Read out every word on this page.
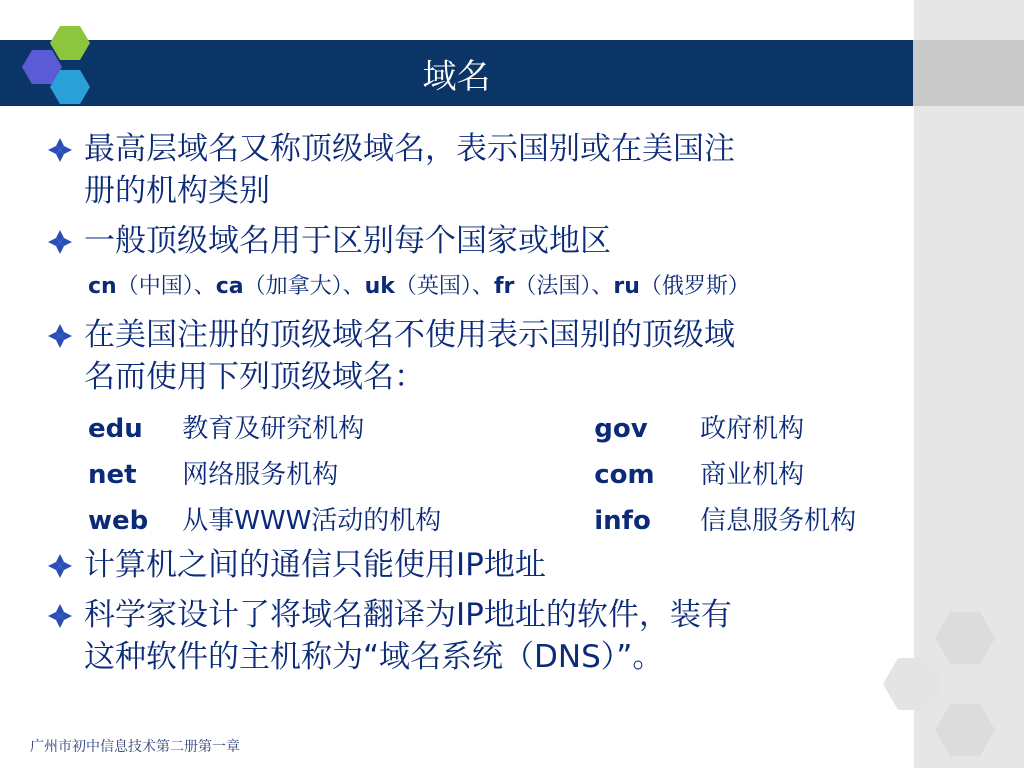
域名
最高层域名又称顶级域名，表示国别或在美国注
册的机构类别
一般顶级域名用于区别每个国家或地区
cn（中国）、ca（加拿大）、uk（英国）、fr（法国）、ru（俄罗斯）
在美国注册的顶级域名不使用表示国别的顶级域
名而使用下列顶级域名：
edu	教育及研究机构	gov	政府机构
net	网络服务机构	com	商业机构
web	从事WWW活动的机构	info	信息服务机构
计算机之间的通信只能使用IP地址
科学家设计了将域名翻译为IP地址的软件，装有
这种软件的主机称为“域名系统（DNS）”。
广州市初中信息技术第二册第一章
